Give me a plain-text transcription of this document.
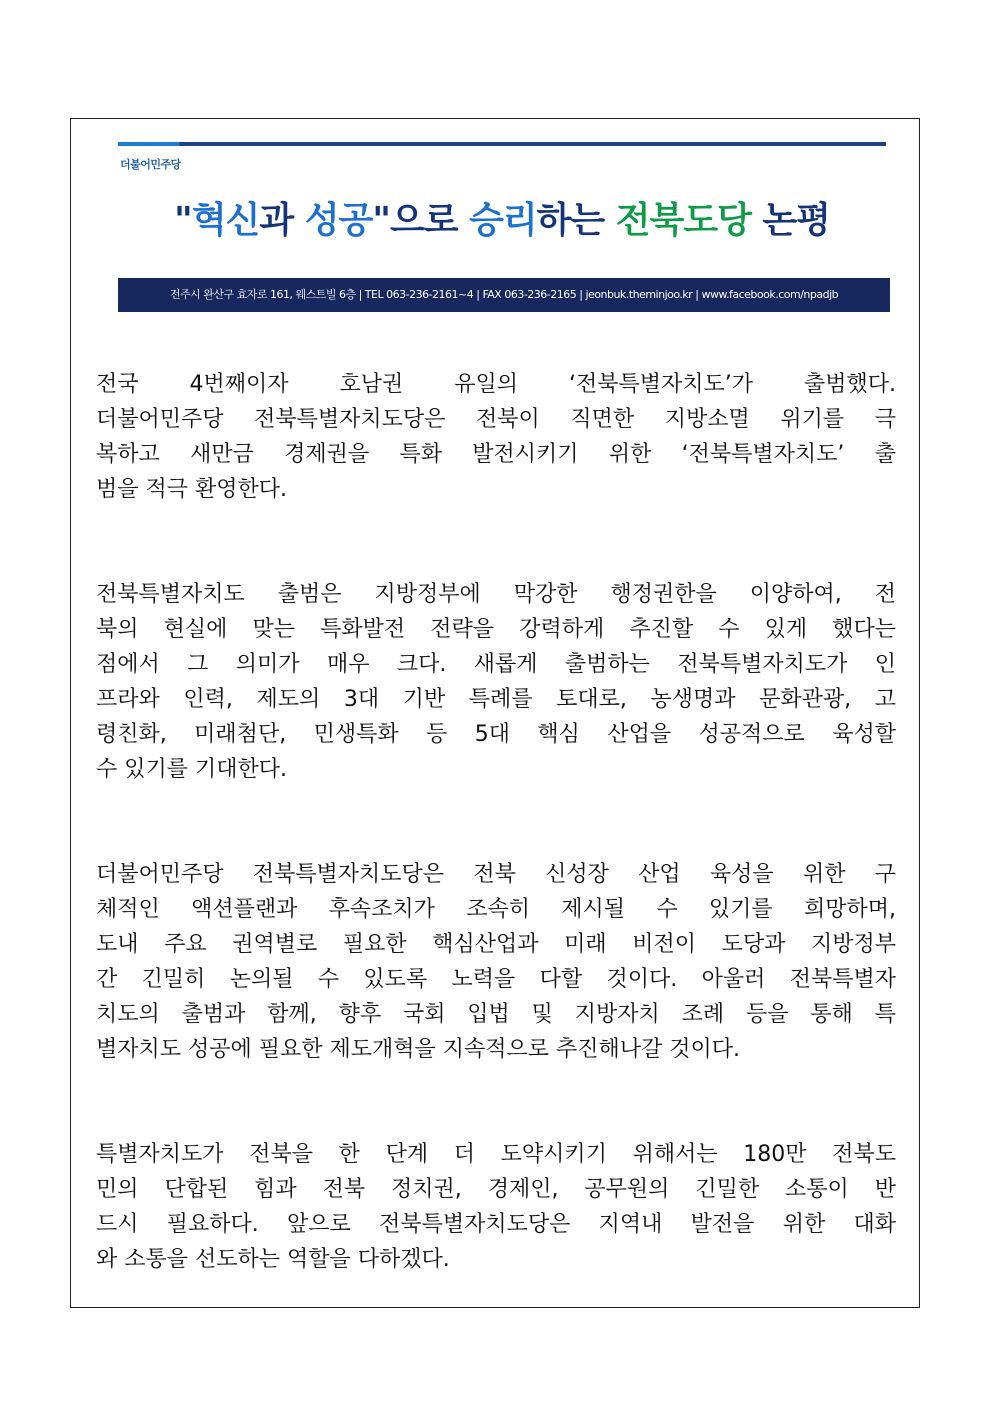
더불어민주당
"혁신과 성공"으로 승리하는 전북도당 논평
전주시 완산구 효자로 161, 웨스트빌 6층 | TEL 063-236-2161~4 | FAX 063-236-2165 | jeonbuk.theminjoo.kr | www.facebook.com/npadjb

전국 4번째이자 호남권 유일의 ‘전북특별자치도’가 출범했다.
더불어민주당 전북특별자치도당은 전북이 직면한 지방소멸 위기를 극
복하고 새만금 경제권을 특화 발전시키기 위한 ‘전북특별자치도’ 출
범을 적극 환영한다.

전북특별자치도 출범은 지방정부에 막강한 행정권한을 이양하여, 전
북의 현실에 맞는 특화발전 전략을 강력하게 추진할 수 있게 했다는
점에서 그 의미가 매우 크다. 새롭게 출범하는 전북특별자치도가 인
프라와 인력, 제도의 3대 기반 특례를 토대로, 농생명과 문화관광, 고
령친화, 미래첨단, 민생특화 등 5대 핵심 산업을 성공적으로 육성할
수 있기를 기대한다.

더불어민주당 전북특별자치도당은 전북 신성장 산업 육성을 위한 구
체적인 액션플랜과 후속조치가 조속히 제시될 수 있기를 희망하며,
도내 주요 권역별로 필요한 핵심산업과 미래 비전이 도당과 지방정부
간 긴밀히 논의될 수 있도록 노력을 다할 것이다. 아울러 전북특별자
치도의 출범과 함께, 향후 국회 입법 및 지방자치 조례 등을 통해 특
별자치도 성공에 필요한 제도개혁을 지속적으로 추진해나갈 것이다.

특별자치도가 전북을 한 단계 더 도약시키기 위해서는 180만 전북도
민의 단합된 힘과 전북 정치권, 경제인, 공무원의 긴밀한 소통이 반
드시 필요하다. 앞으로 전북특별자치도당은 지역내 발전을 위한 대화
와 소통을 선도하는 역할을 다하겠다.
